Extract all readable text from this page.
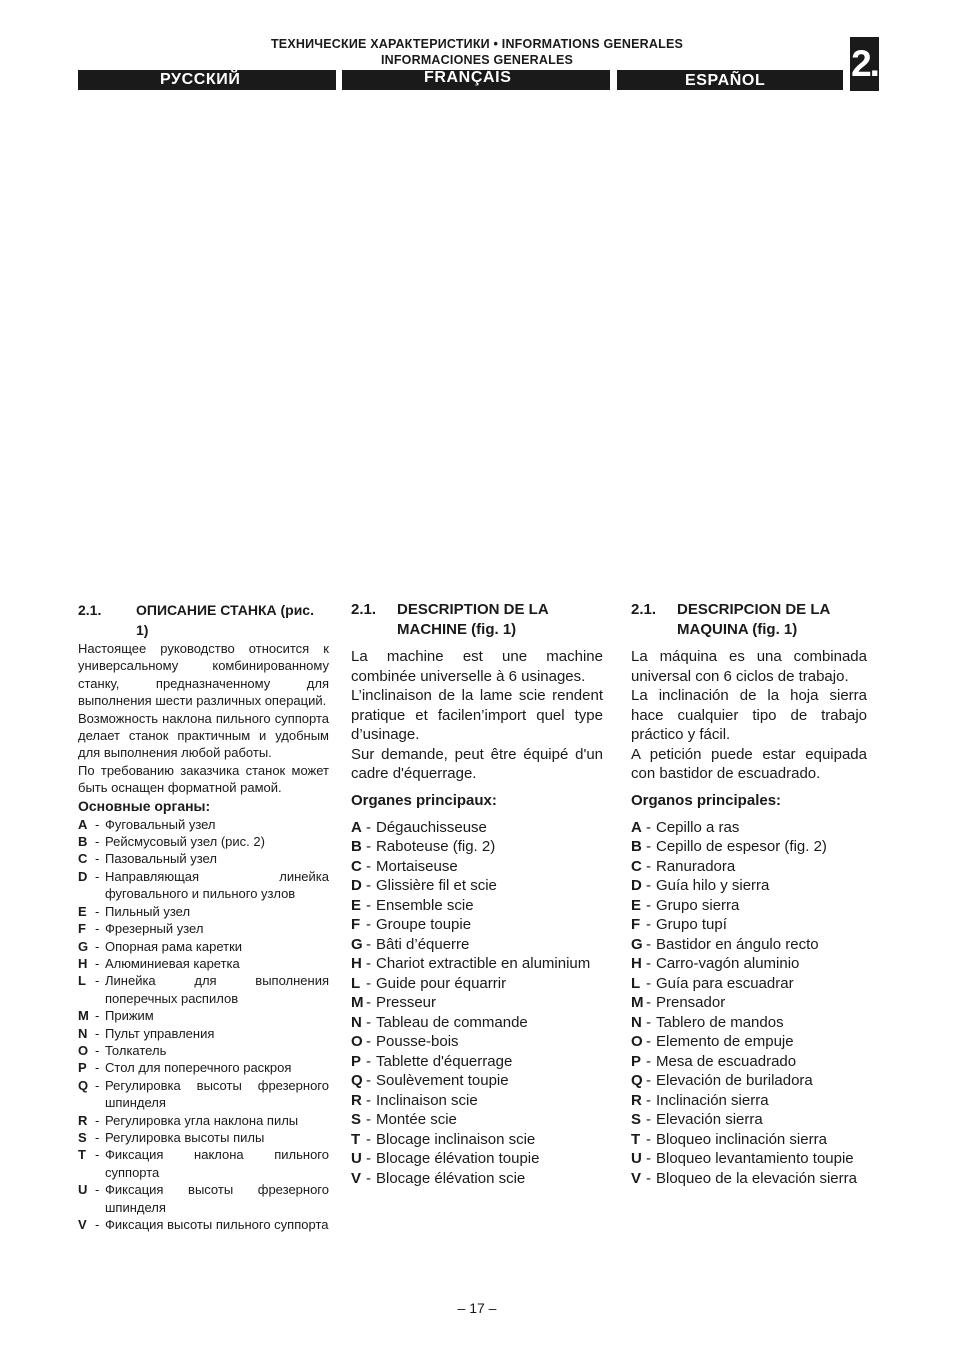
ТЕХНИЧЕСКИЕ ХАРАКТЕРИСТИКИ • INFORMATIONS GENERALES
INFORMACIONES GENERALES
РУССКИЙ	FRANÇAIS	ESPAÑOL	2.
2.1.	ОПИСАНИЕ СТАНКА (рис. 1)

Настоящее руководство относится к универсальному комбинированному станку, предназначенному для выполнения шести различных операций.

Возможность наклона пильного суппорта делает станок практичным и удобным для выполнения любой работы.

По требованию заказчика станок может быть оснащен форматной рамой.

Основные органы:

A - Фуговальный узел
B - Рейсмусовый узел (рис. 2)
C - Пазовальный узел
D - Направляющая линейка фуговального и пильного узлов
E - Пильный узел
F - Фрезерный узел
G - Опорная рама каретки
H - Алюминиевая каретка
L - Линейка для выполнения поперечных распилов
M - Прижим
N - Пульт управления
O - Толкатель
P - Стол для поперечного раскроя
Q - Регулировка высоты фрезерного шпинделя
R - Регулировка угла наклона пилы
S - Регулировка высоты пилы
T - Фиксация наклона пильного суппорта
U - Фиксация высоты фрезерного шпинделя
V - Фиксация высоты пильного суппорта
2.1.	DESCRIPTION DE LA MACHINE (fig. 1)

La machine est une machine combinée universelle à 6 usinages.

L’inclinaison de la lame scie rendent pratique et facilen’import quel type d’usinage.

Sur demande, peut être équipé d'un cadre d'équerrage.

Organes principaux:

A - Dégauchisseuse
B - Raboteuse (fig. 2)
C - Mortaiseuse
D - Glissière fil et scie
E - Ensemble scie
F - Groupe toupie
G - Bâti d’équerre
H - Chariot extractible en aluminium
L - Guide pour équarrir
M - Presseur
N - Tableau de commande
O - Pousse-bois
P - Tablette d'équerrage
Q - Soulèvement toupie
R - Inclinaison scie
S - Montée scie
T - Blocage inclinaison scie
U - Blocage élévation toupie
V - Blocage élévation scie
2.1.	DESCRIPCION DE LA MAQUINA (fig. 1)

La máquina es una combinada universal con 6 ciclos de trabajo.

La inclinación de la hoja sierra hace cualquier tipo de trabajo práctico y fácil.

A petición puede estar equipada con bastidor de escuadrado.

Organos principales:

A - Cepillo a ras
B - Cepillo de espesor (fig. 2)
C - Ranuradora
D - Guía hilo y sierra
E - Grupo sierra
F - Grupo tupí
G - Bastidor en ángulo recto
H - Carro-vagón aluminio
L - Guía para escuadrar
M - Prensador
N - Tablero de mandos
O - Elemento de empuje
P - Mesa de escuadrado
Q - Elevación de buriladora
R - Inclinación sierra
S - Elevación sierra
T - Bloqueo inclinación sierra
U - Bloqueo levantamiento toupie
V - Bloqueo de la elevación sierra
– 17 –
